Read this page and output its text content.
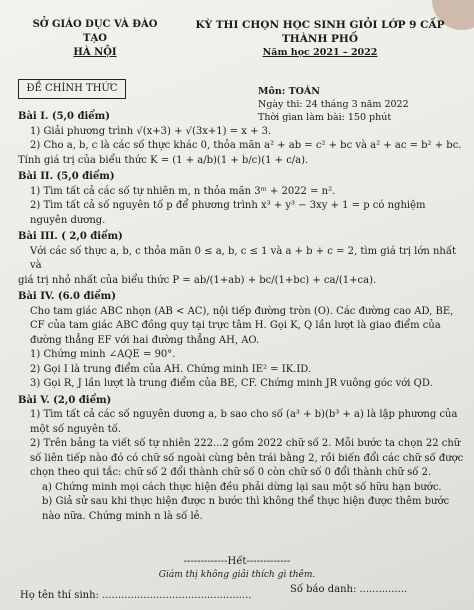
SỞ GIÁO DỤC VÀ ĐÀO TẠO
HÀ NỘI
KỲ THI CHỌN HỌC SINH GIỎI LỚP 9 CẤP THÀNH PHỐ
Năm học 2021 – 2022
ĐỀ CHÍNH THỨC	Môn: TOÁN
Ngày thi: 24 tháng 3 năm 2022
Thời gian làm bài: 150 phút
Bài I. (5,0 điểm)

1) Giải phương trình √(x+3) + √(3x+1) = x + 3.

2) Cho a, b, c là các số thực khác 0, thỏa mãn a² + ab = c² + bc và a² + ac = b² + bc.

Tính giá trị của biểu thức K = (1 + a/b)(1 + b/c)(1 + c/a).

Bài II. (5,0 điểm)

1) Tìm tất cả các số tự nhiên m, n thỏa mãn 3ᵐ + 2022 = n².

2) Tìm tất cả số nguyên tố p để phương trình x³ + y³ − 3xy + 1 = p có nghiệm nguyên dương.

Bài III. ( 2,0 điểm)

Với các số thực a, b, c thỏa mãn 0 ≤ a, b, c ≤ 1 và a + b + c = 2, tìm giá trị lớn nhất và

giá trị nhỏ nhất của biểu thức P = ab/(1+ab) + bc/(1+bc) + ca/(1+ca).

Bài IV. (6.0 điểm)

Cho tam giác ABC nhọn (AB < AC), nội tiếp đường tròn (O). Các đường cao AD, BE, CF của tam giác ABC đồng quy tại trực tâm H. Gọi K, Q lần lượt là giao điểm của đường thẳng EF với hai đường thẳng AH, AO.

1) Chứng minh ∠AQE = 90°.

2) Gọi I là trung điểm của AH. Chứng minh IE² = IK.ID.

3) Gọi R, J lần lượt là trung điểm của BE, CF. Chứng minh JR vuông góc với QD.

Bài V. (2,0 điểm)

1) Tìm tất cả các số nguyên dương a, b sao cho số (a³ + b)(b³ + a) là lập phương của một số nguyên tố.

2) Trên bảng ta viết số tự nhiên 222...2 gồm 2022 chữ số 2. Mỗi bước ta chọn 22 chữ số liên tiếp nào đó có chữ số ngoài cùng bên trái bằng 2, rồi biến đổi các chữ số được chọn theo qui tắc: chữ số 2 đổi thành chữ số 0 còn chữ số 0 đổi thành chữ số 2.

a) Chứng minh mọi cách thực hiện đều phải dừng lại sau một số hữu hạn bước.

b) Giả sử sau khi thực hiện được n bước thì không thể thực hiện được thêm bước nào nữa. Chứng minh n là số lẻ.

-------------Hết-------------
Giám thị không giải thích gì thêm.
Họ tên thí sinh: ...............................................
Số báo danh: ...............
